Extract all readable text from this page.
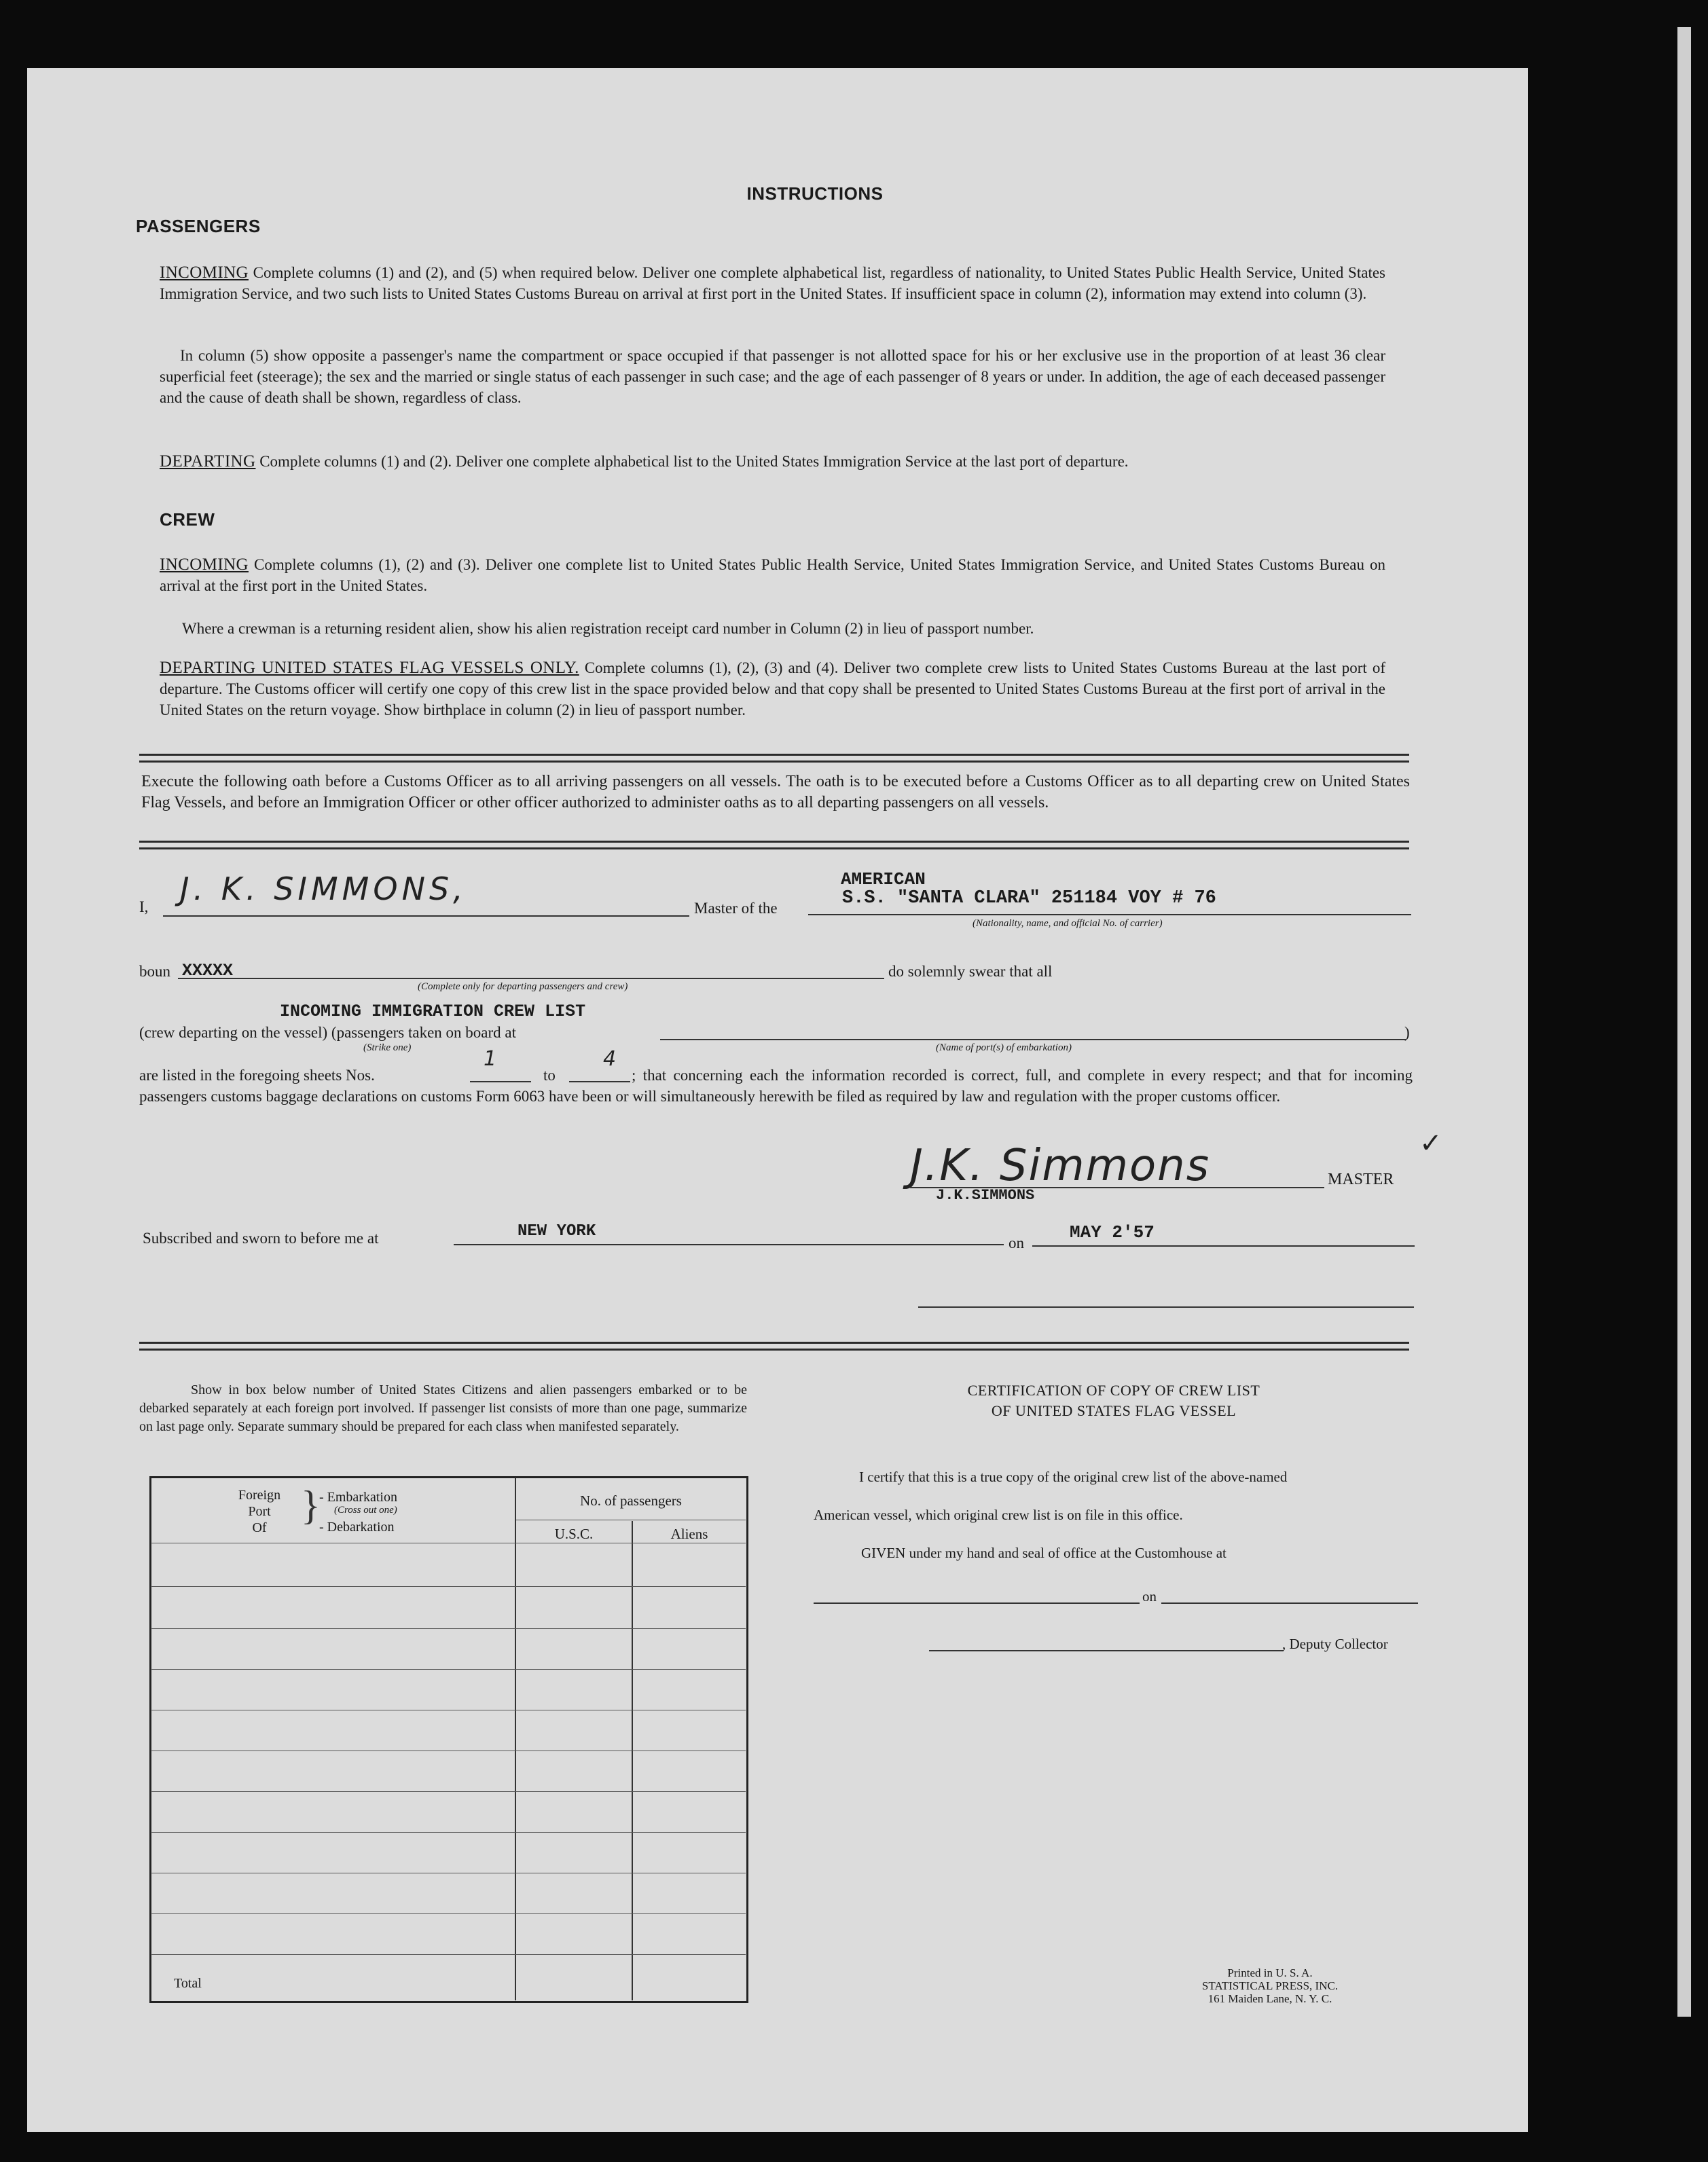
INSTRUCTIONS
PASSENGERS
INCOMING Complete columns (1) and (2), and (5) when required below. Deliver one complete alphabetical list, regardless of nationality, to United States Public Health Service, United States Immigration Service, and two such lists to United States Customs Bureau on arrival at first port in the United States. If insufficient space in column (2), information may extend into column (3).
In column (5) show opposite a passenger's name the compartment or space occupied if that passenger is not allotted space for his or her exclusive use in the proportion of at least 36 clear superficial feet (steerage); the sex and the married or single status of each passenger in such case; and the age of each passenger of 8 years or under. In addition, the age of each deceased passenger and the cause of death shall be shown, regardless of class.
DEPARTING Complete columns (1) and (2). Deliver one complete alphabetical list to the United States Immigration Service at the last port of departure.
CREW
INCOMING Complete columns (1), (2) and (3). Deliver one complete list to United States Public Health Service, United States Immigration Service, and United States Customs Bureau on arrival at the first port in the United States.
Where a crewman is a returning resident alien, show his alien registration receipt card number in Column (2) in lieu of passport number.
DEPARTING UNITED STATES FLAG VESSELS ONLY. Complete columns (1), (2), (3) and (4). Deliver two complete crew lists to United States Customs Bureau at the last port of departure. The Customs officer will certify one copy of this crew list in the space provided below and that copy shall be presented to United States Customs Bureau at the first port of arrival in the United States on the return voyage. Show birthplace in column (2) in lieu of passport number.
Execute the following oath before a Customs Officer as to all arriving passengers on all vessels. The oath is to be executed before a Customs Officer as to all departing crew on United States Flag Vessels, and before an Immigration Officer or other officer authorized to administer oaths as to all departing passengers on all vessels.
I, J. K. SIMMONS,
Master of the
AMERICAN
S.S. "SANTA CLARA" 251184 VOY # 76
(Nationality, name, and official No. of carrier)
boun XXXXX
(Complete only for departing passengers and crew)
do solemnly swear that all
INCOMING IMMIGRATION CREW LIST
(crew departing on the vessel) (passengers taken on board at	)
(Strike one)	(Name of port(s) of embarkation)
are listed in the foregoing sheets Nos.
1
to
4
; that concerning each the information recorded is correct, full, and complete in every respect; and that for incoming passengers customs baggage declarations on customs Form 6063 have been or will simultaneously herewith be filed as required by law and regulation with the proper customs officer.
J.K. Simmons
J.K.SIMMONS
MASTER
✓
Subscribed and sworn to before me at	NEW YORK
on
MAY 2'57
Show in box below number of United States Citizens and alien passengers embarked or to be debarked separately at each foreign port involved. If passenger list consists of more than one page, summarize on last page only. Separate summary should be prepared for each class when manifested separately.
Foreign
Port
Of }
- Embarkation
(Cross out one)
- Debarkation
No. of passengers
U.S.C.	Aliens
Total
CERTIFICATION OF COPY OF CREW LIST
OF UNITED STATES FLAG VESSEL
I certify that this is a true copy of the original crew list of the above-named
American vessel, which original crew list is on file in this office.
GIVEN under my hand and seal of office at the Customhouse at
on
, Deputy Collector
Printed in U. S. A.
STATISTICAL PRESS, INC.
161 Maiden Lane, N. Y. C.
